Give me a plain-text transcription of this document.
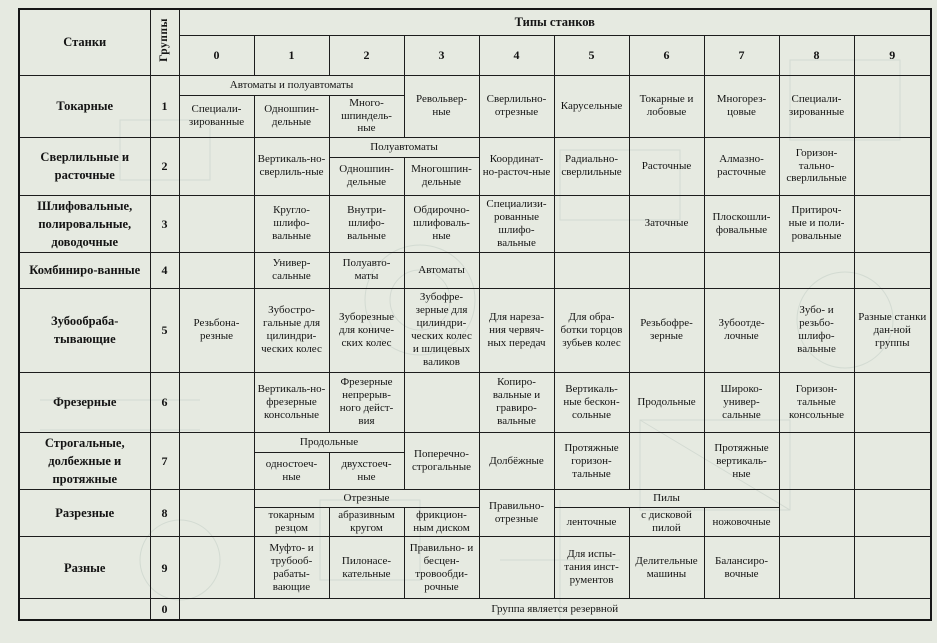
Станки	Группы	Типы станков									
		0	1	2	3	4	5	6	7	8	9
Токарные	1	Автоматы и полуавтоматы			Револьвер-ные	Сверлильно-отрезные	Карусельные	Токарные и лобовые	Многорез-цовые	Специали-зированные	
		Специали-зированные	Одношпин-дельные	Много-шпиндель-ные							
Сверлильные и расточные	2		Вертикаль-но-сверлиль-ные	Полуавтоматы		Координат-но-расточ-ные	Радиально-сверлильные	Расточные	Алмазно-расточные	Горизон-тально-сверлильные	
				Одношпин-дельные	Многошпин-дельные						
Шлифовальные, полировальные, доводочные	3		Кругло-шлифо-вальные	Внутри-шлифо-вальные	Обдирочно-шлифоваль-ные	Специализи-рованные шлифо-вальные		Заточные	Плоскошли-фовальные	Притироч-ные и поли-ровальные	
Комбиниро-ванные	4		Универ-сальные	Полуавто-маты	Автоматы						
Зубообраба-тывающие	5	Резьбона-резные	Зубостро-гальные для цилиндри-ческих колес	Зуборезные для кониче-ских колес	Зубофре-зерные для цилиндри-ческих колес и шлицевых валиков	Для нареза-ния червяч-ных передач	Для обра-ботки торцов зубьев колес	Резьбофре-зерные	Зубоотде-лочные	Зубо- и резьбо-шлифо-вальные	Разные станки дан-ной группы
Фрезерные	6		Вертикаль-но-фрезерные консольные	Фрезерные непрерыв-ного дейст-вия		Копиро-вальные и гравиро-вальные	Вертикаль-ные бескон-сольные	Продольные	Широко-универ-сальные	Горизон-тальные консольные	
Строгальные, долбежные и протяжные	7		Продольные		Поперечно-строгальные	Долбёжные	Протяжные горизон-тальные		Протяжные вертикаль-ные		
			одностоеч-ные	двухстоеч-ные							
Разрезные	8		Отрезные			Правильно-отрезные	Пилы				
			токарным резцом	абразивным кругом	фрикцион-ным диском		ленточные	с дисковой пилой	ножовочные		
Разные	9		Муфто- и трубооб-рабаты-вающие	Пилонасе-кательные	Правильно- и бесцен-тровообди-рочные		Для испы-тания инст-рументов	Делительные машины	Балансиро-вочные		
	0	Группа является резервной									
